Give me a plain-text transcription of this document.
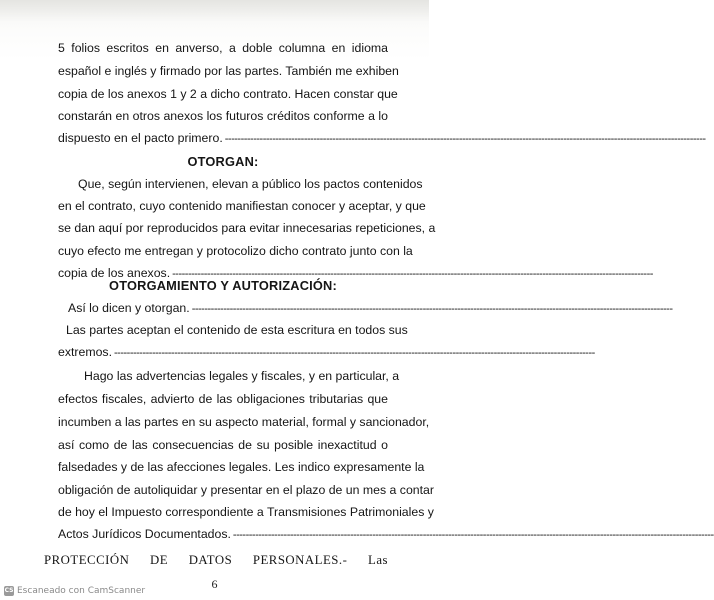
5 folios escritos en anverso, a doble columna en idioma
español e inglés y firmado por las partes. También me exhiben
copia de los anexos 1 y 2 a dicho contrato. Hacen constar que
constarán en otros anexos los futuros créditos conforme a lo
dispuesto en el pacto primero. -----
OTORGAN:
Que, según intervienen, elevan a público los pactos contenidos
en el contrato, cuyo contenido manifiestan conocer y aceptar, y que
se dan aquí por reproducidos para evitar innecesarias repeticiones, a
cuyo efecto me entregan y protocolizo dicho contrato junto con la
copia de los anexos. -----
OTORGAMIENTO Y AUTORIZACIÓN:
Así lo dicen y otorgan. -----
Las partes aceptan el contenido de esta escritura en todos sus
extremos. -----
Hago las advertencias legales y fiscales, y en particular, a
efectos fiscales, advierto de las obligaciones tributarias que
incumben a las partes en su aspecto material, formal y sancionador,
así como de las consecuencias de su posible inexactitud o
falsedades y de las afecciones legales. Les indico expresamente la
obligación de autoliquidar y presentar en el plazo de un mes a contar
de hoy el Impuesto correspondiente a Transmisiones Patrimoniales y
Actos Jurídicos Documentados. -----
PROTECCIÓN DE DATOS PERSONALES.- Las
6
CS Escaneado con CamScanner
